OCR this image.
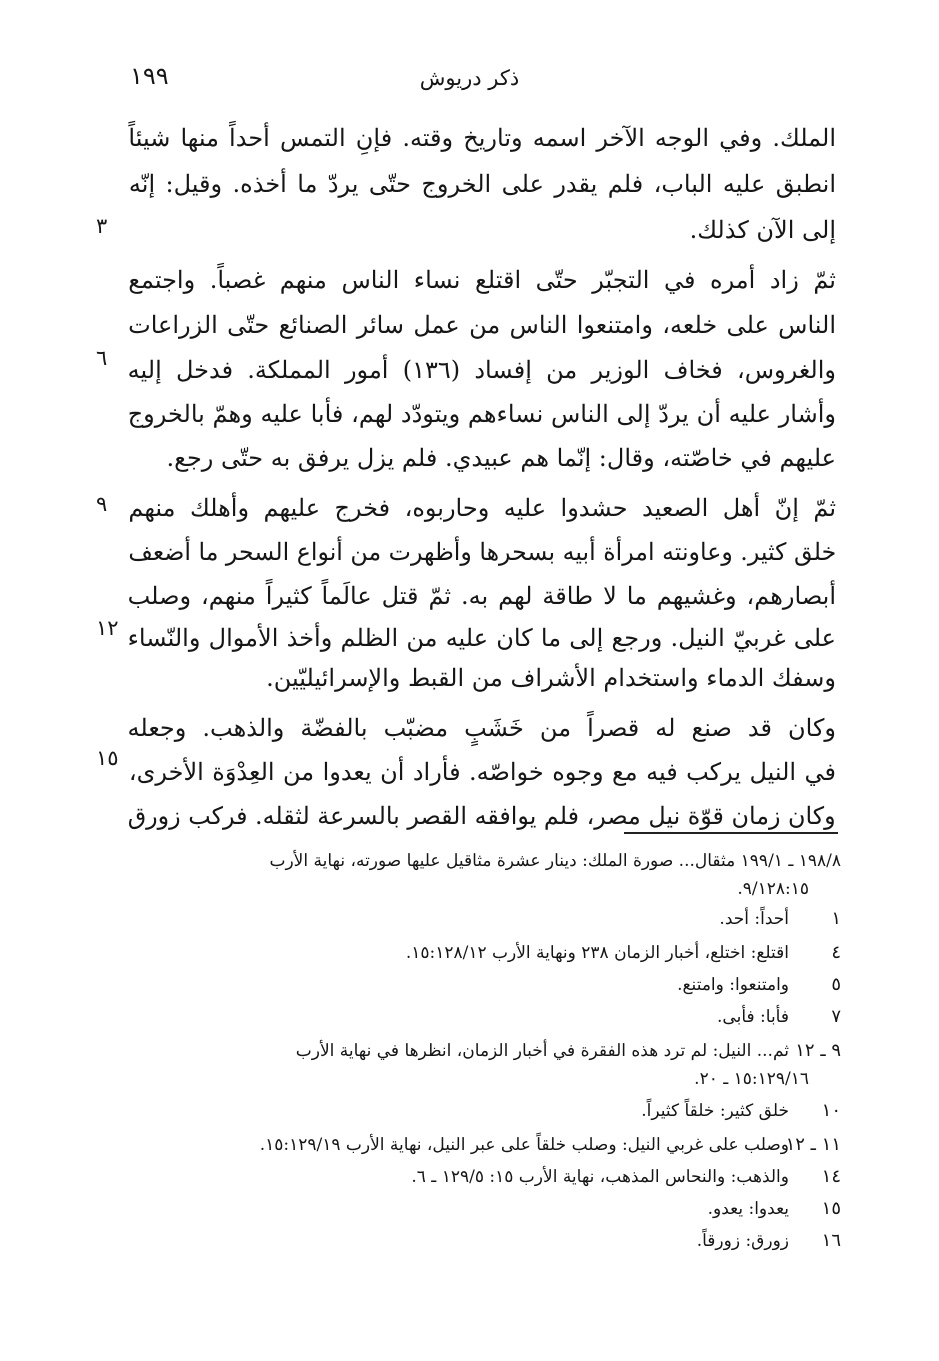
ذكر دريوش
١٩٩
الملك. وفي الوجه الآخر اسمه وتاريخ وقته. فإنِ التمس أحداً منها شيئاً
انطبق عليه الباب، فلم يقدر على الخروج حتّى يردّ ما أخذه. وقيل: إنّه
إلى الآن كذلك.
ثمّ زاد أمره في التجبّر حتّى اقتلع نساء الناس منهم غصباً. واجتمع
الناس على خلعه، وامتنعوا الناس من عمل سائر الصنائع حتّى الزراعات
والغروس، فخاف الوزير من إفساد (١٣٦) أمور المملكة. فدخل إليه
وأشار عليه أن يردّ إلى الناس نساءهم ويتودّد لهم، فأبا عليه وهمّ بالخروج
عليهم في خاصّته، وقال: إنّما هم عبيدي. فلم يزل يرفق به حتّى رجع.
ثمّ إنّ أهل الصعيد حشدوا عليه وحاربوه، فخرج عليهم وأهلك منهم
خلق كثير. وعاونته امرأة أبيه بسحرها وأظهرت من أنواع السحر ما أضعف
أبصارهم، وغشيهم ما لا طاقة لهم به. ثمّ قتل عالَماً كثيراً منهم، وصلب
على غربيّ النيل. ورجع إلى ما كان عليه من الظلم وأخذ الأموال والنّساء
وسفك الدماء واستخدام الأشراف من القبط والإسرائيليّين.
وكان قد صنع له قصراً من خَشَبٍ مضبّب بالفضّة والذهب. وجعله
في النيل يركب فيه مع وجوه خواصّه. فأراد أن يعدوا من العِدْوَة الأخرى،
وكان زمان قوّة نيل مصر، فلم يوافقه القصر بالسرعة لثقله. فركب زورق
٣
٦
٩
١٢
١٥
١٩٨/٨ ـ ١٩٩/١ مثقال... صورة الملك: دينار عشرة مثاقيل عليها صورته، نهاية الأرب
٩/١٢٨:١٥.
١
أحداً: أحد.
٤
اقتلع: اختلع، أخبار الزمان ٢٣٨ ونهاية الأرب ١٥:١٢٨/١٢.
٥
وامتنعوا: وامتنع.
٧
فأبا: فأبى.
٩ ـ ١٢
ثم... النيل: لم ترد هذه الفقرة في أخبار الزمان، انظرها في نهاية الأرب
١٥:١٢٩/١٦ ـ ٢٠.
١٠
خلق كثير: خلقاً كثيراً.
١١ ـ ١٢
وصلب على غربي النيل: وصلب خلقاً على عبر النيل، نهاية الأرب ١٥:١٢٩/١٩.
١٤
والذهب: والنحاس المذهب، نهاية الأرب ١٥: ١٢٩/٥ ـ ٦.
١٥
يعدوا: يعدو.
١٦
زورق: زورقاً.
